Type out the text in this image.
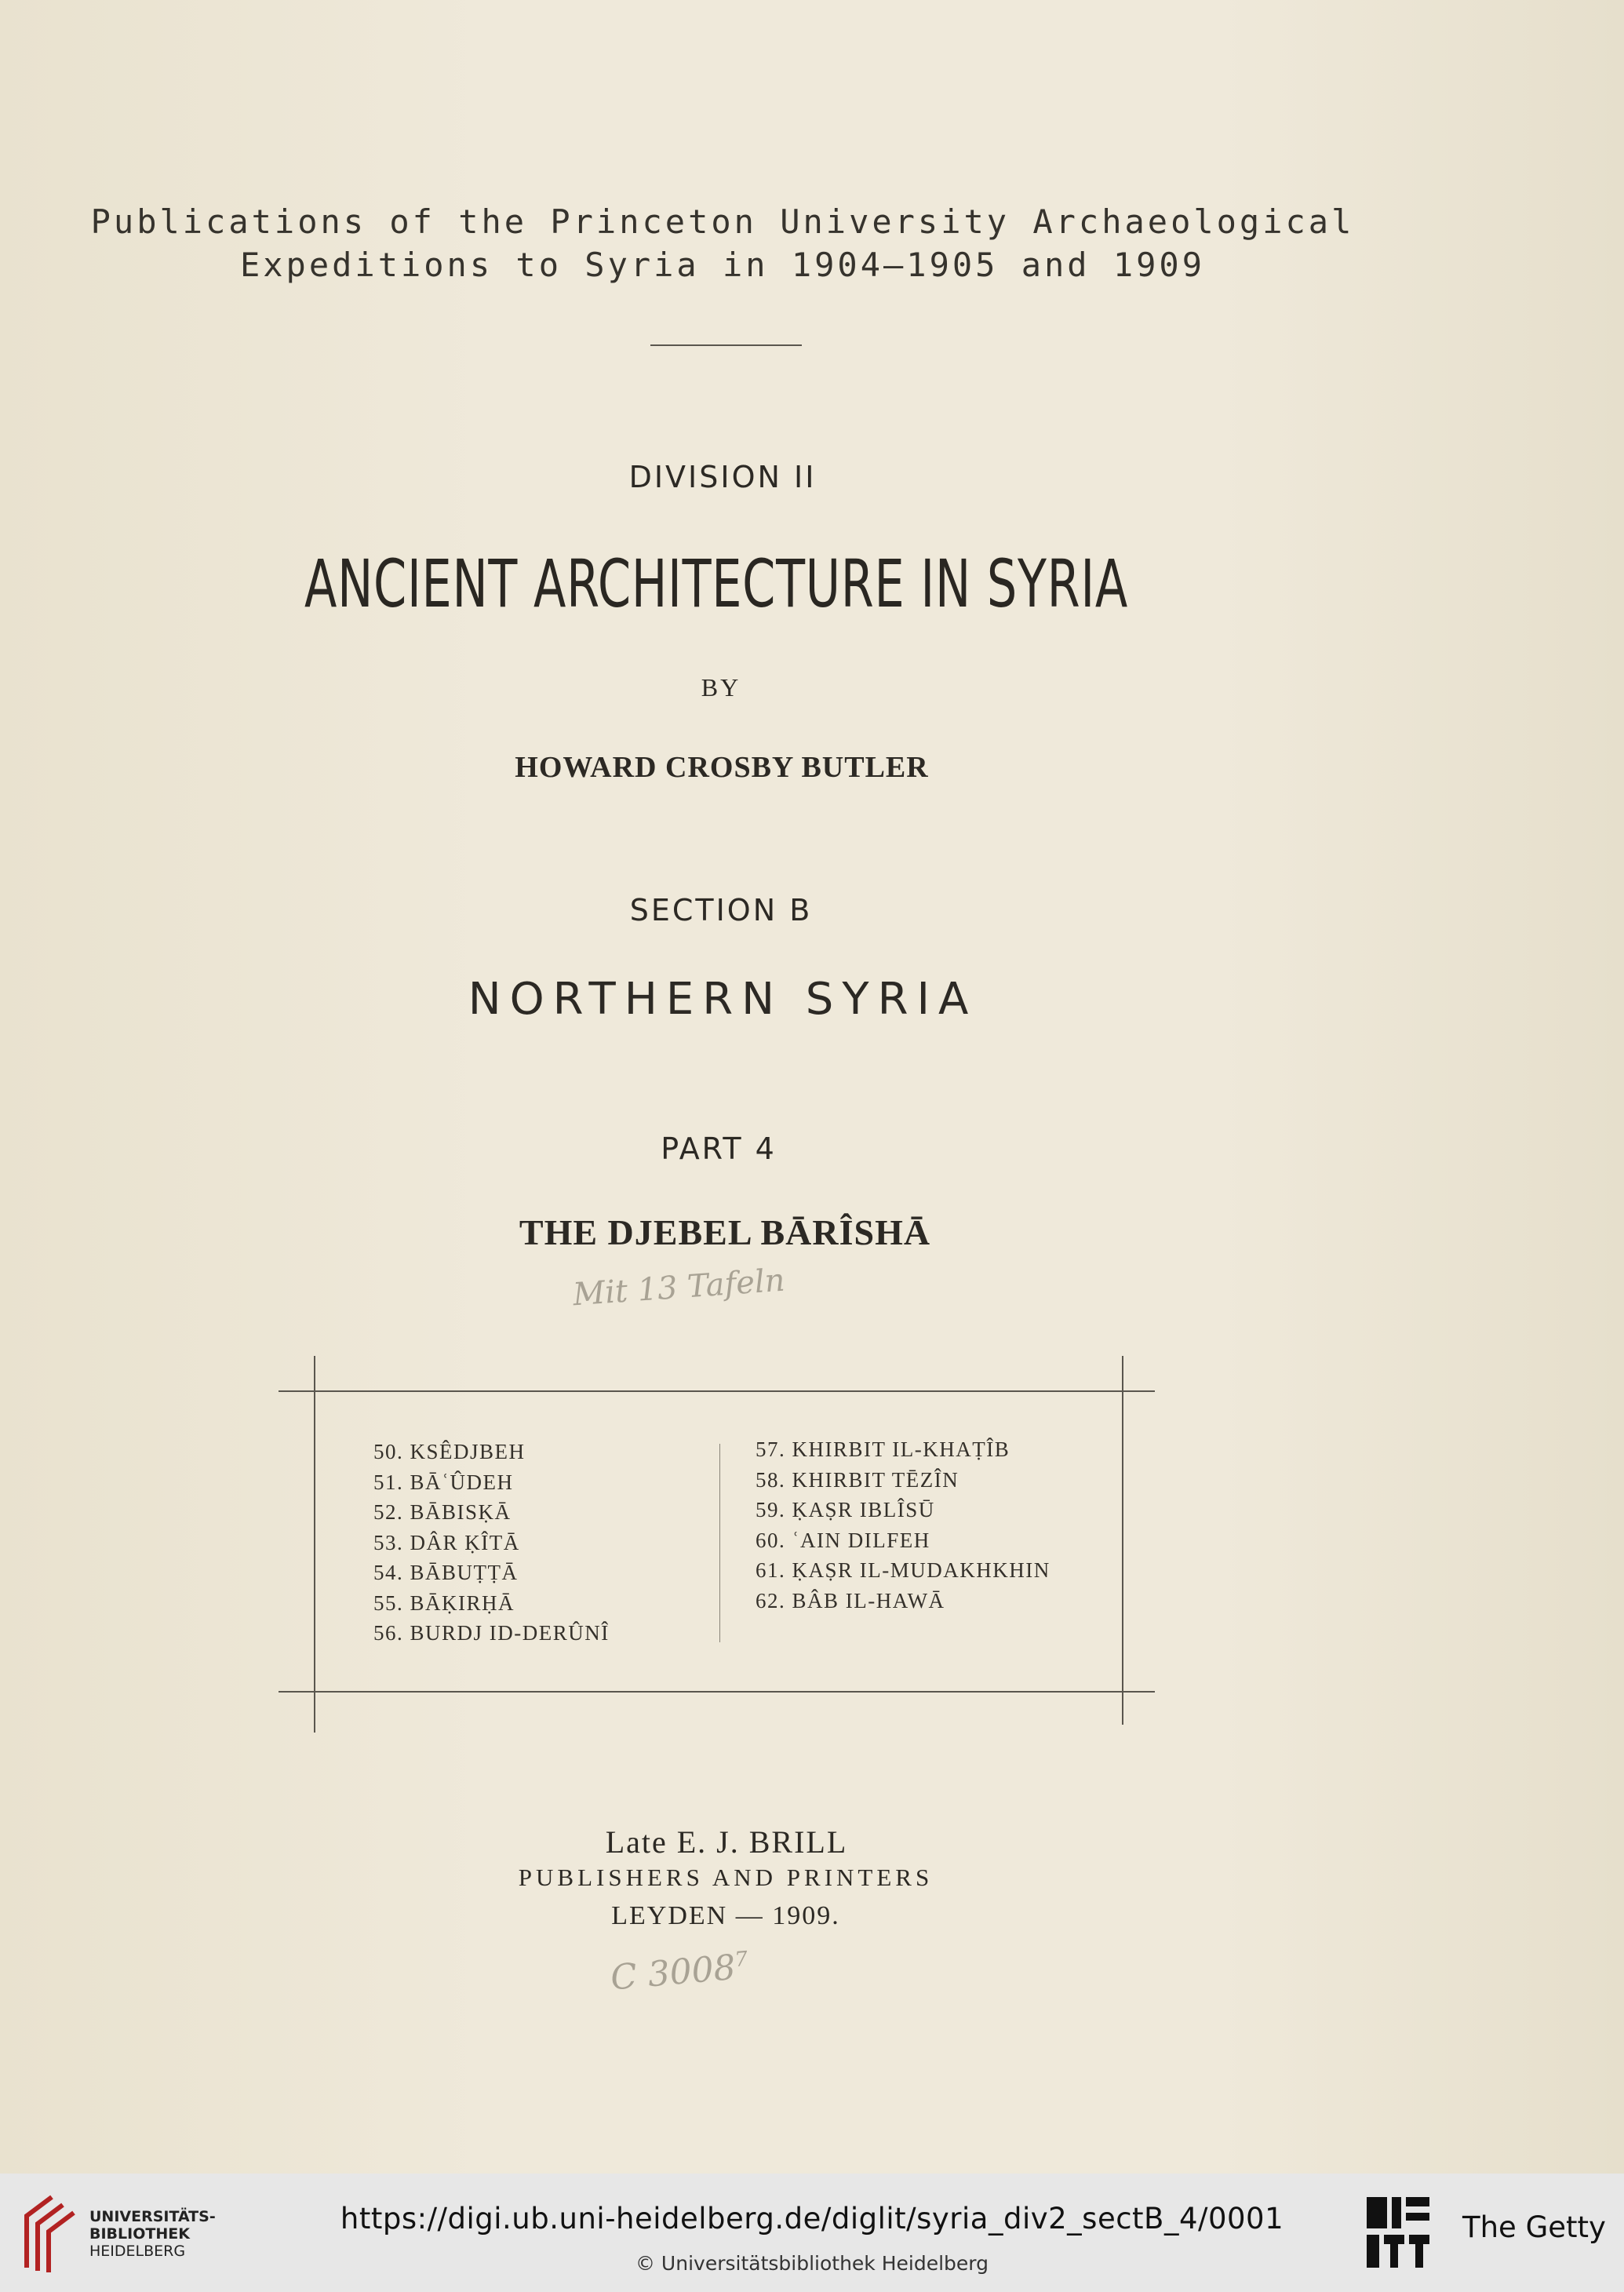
Publications of the Princeton University Archaeological
Expeditions to Syria in 1904—1905 and 1909
DIVISION II
ANCIENT ARCHITECTURE IN SYRIA
BY
HOWARD CROSBY BUTLER
SECTION B
NORTHERN SYRIA
PART 4
THE DJEBEL BĀRÎSHĀ
Mit 13 Tafeln
50. KSÊDJBEH
51. BĀʿÛDEH
52. BĀBISḲĀ
53. DÂR ḲÎTĀ
54. BĀBUṬṬĀ
55. BĀḲIRḤĀ
56. BURDJ ID-DERÛNÎ
57. KHIRBIT IL-KHAṬÎB
58. KHIRBIT TĒZÎN
59. ḲAṢR IBLÎSŪ
60. ʿAIN DILFEH
61. ḲAṢR IL-MUDAKHKHIN
62. BÂB IL-HAWĀ
Late E. J. BRILL
PUBLISHERS AND PRINTERS
LEYDEN — 1909.
C 3008$^7$
UNIVERSITÄTS-
BIBLIOTHEK
HEIDELBERG
https://digi.ub.uni-heidelberg.de/diglit/syria_div2_sectB_4/0001
© Universitätsbibliothek Heidelberg
The Getty
